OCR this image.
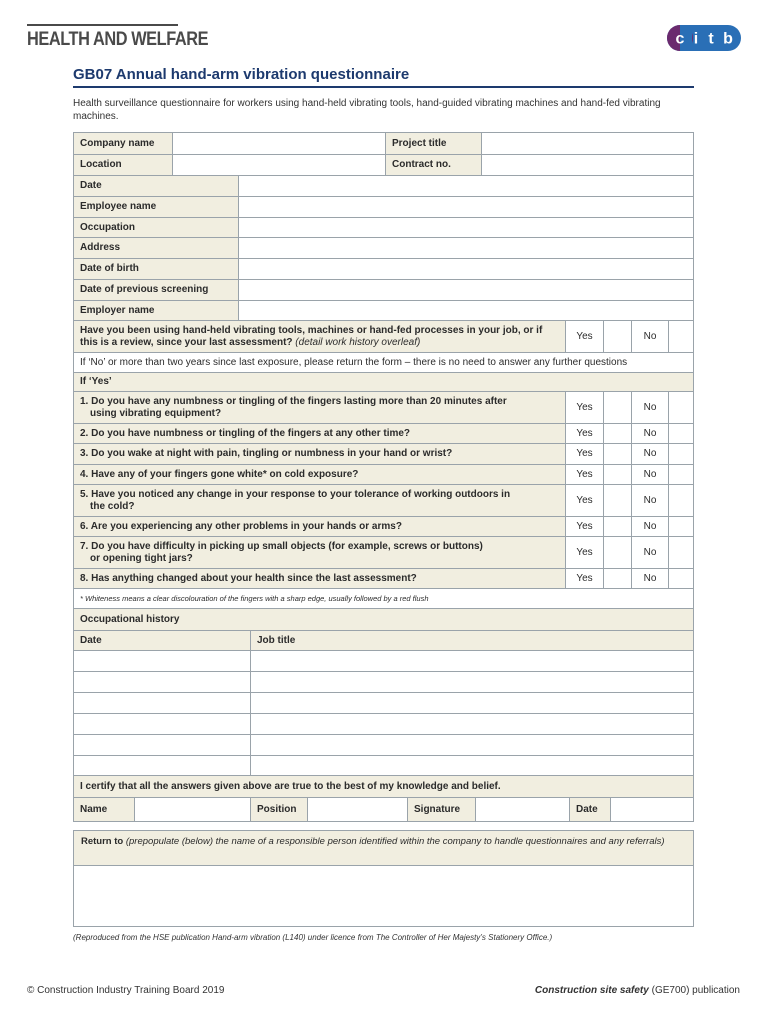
HEALTH AND WELFARE	c i t b
GB07 Annual hand-arm vibration questionnaire
Health surveillance questionnaire for workers using hand-held vibrating tools, hand-guided vibrating machines and hand-fed vibrating machines.
Company name	Project title
Location	Contract no.
Date
Employee name
Occupation
Address
Date of birth
Date of previous screening
Employer name
Have you been using hand-held vibrating tools, machines or hand-fed processes in your job, or if this is a review, since your last assessment? (detail work history overleaf)
Yes	No
If ‘No’ or more than two years since last exposure, please return the form – there is no need to answer any further questions
If ‘Yes’
1. Do you have any numbness or tingling of the fingers lasting more than 20 minutes after
using vibrating equipment?
Yes	No
2. Do you have numbness or tingling of the fingers at any other time?	Yes	No
3. Do you wake at night with pain, tingling or numbness in your hand or wrist?	Yes	No
4. Have any of your fingers gone white* on cold exposure?	Yes	No
5. Have you noticed any change in your response to your tolerance of working outdoors in
the cold?
Yes	No
6. Are you experiencing any other problems in your hands or arms?	Yes	No
7. Do you have difficulty in picking up small objects (for example, screws or buttons)
or opening tight jars?
Yes	No
8. Has anything changed about your health since the last assessment?	Yes	No
* Whiteness means a clear discolouration of the fingers with a sharp edge, usually followed by a red flush
Occupational history
Date	Job title
I certify that all the answers given above are true to the best of my knowledge and belief.
Name	Position	Signature	Date
Return to (prepopulate (below) the name of a responsible person identified within the company to handle questionnaires and any referrals)
(Reproduced from the HSE publication Hand-arm vibration (L140) under licence from The Controller of Her Majesty’s Stationery Office.)
© Construction Industry Training Board 2019	Construction site safety (GE700) publication
